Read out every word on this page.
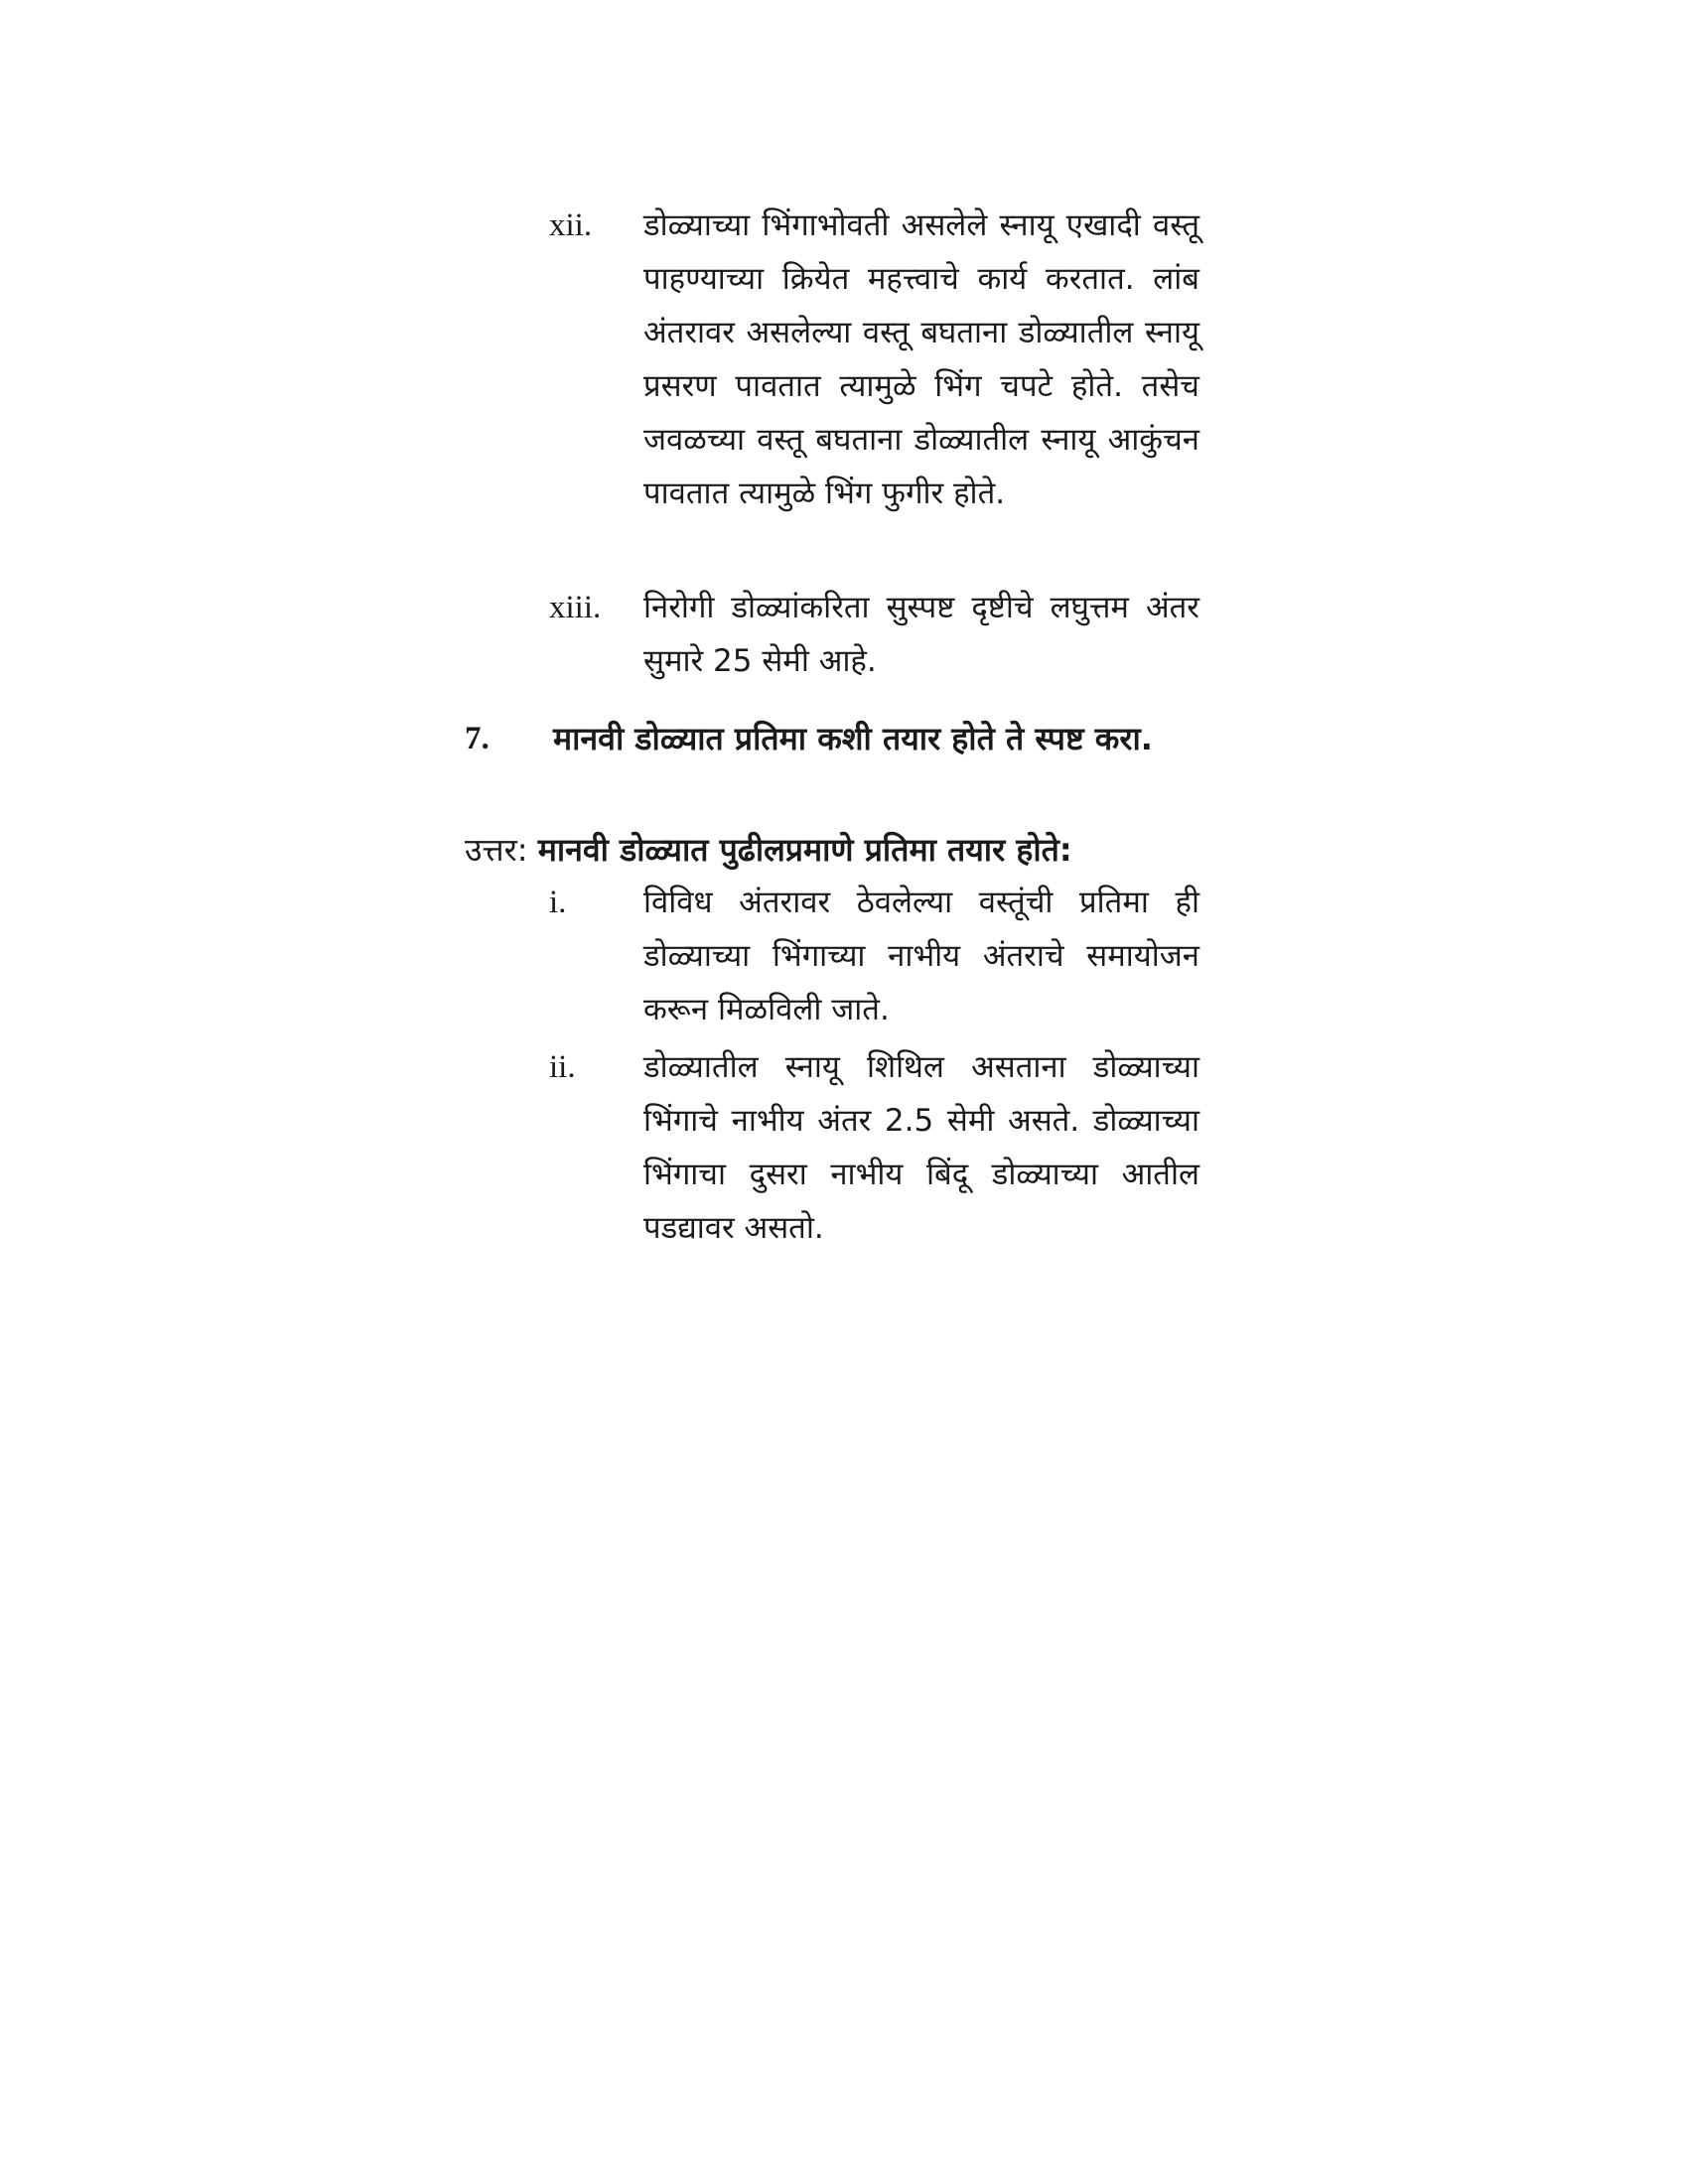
xii.	डोळ्याच्या भिंगाभोवती असलेले स्नायू एखादी वस्तू पाहण्याच्या क्रियेत महत्त्वाचे कार्य करतात. लांब अंतरावर असलेल्या वस्तू बघताना डोळ्यातील स्नायू प्रसरण पावतात त्यामुळे भिंग चपटे होते. तसेच जवळच्या वस्तू बघताना डोळ्यातील स्नायू आकुंचन पावतात त्यामुळे भिंग फुगीर होते.
xiii.	निरोगी डोळ्यांकरिता सुस्पष्ट दृष्टीचे लघुत्तम अंतर सुमारे 25 सेमी आहे.
7. मानवी डोळ्यात प्रतिमा कशी तयार होते ते स्पष्ट करा.
उत्तर: मानवी डोळ्यात पुढीलप्रमाणे प्रतिमा तयार होते:
i.	विविध अंतरावर ठेवलेल्या वस्तूंची प्रतिमा ही डोळ्याच्या भिंगाच्या नाभीय अंतराचे समायोजन करून मिळविली जाते.
ii.	डोळ्यातील स्नायू शिथिल असताना डोळ्याच्या भिंगाचे नाभीय अंतर 2.5 सेमी असते. डोळ्याच्या भिंगाचा दुसरा नाभीय बिंदू डोळ्याच्या आतील पडद्यावर असतो.
